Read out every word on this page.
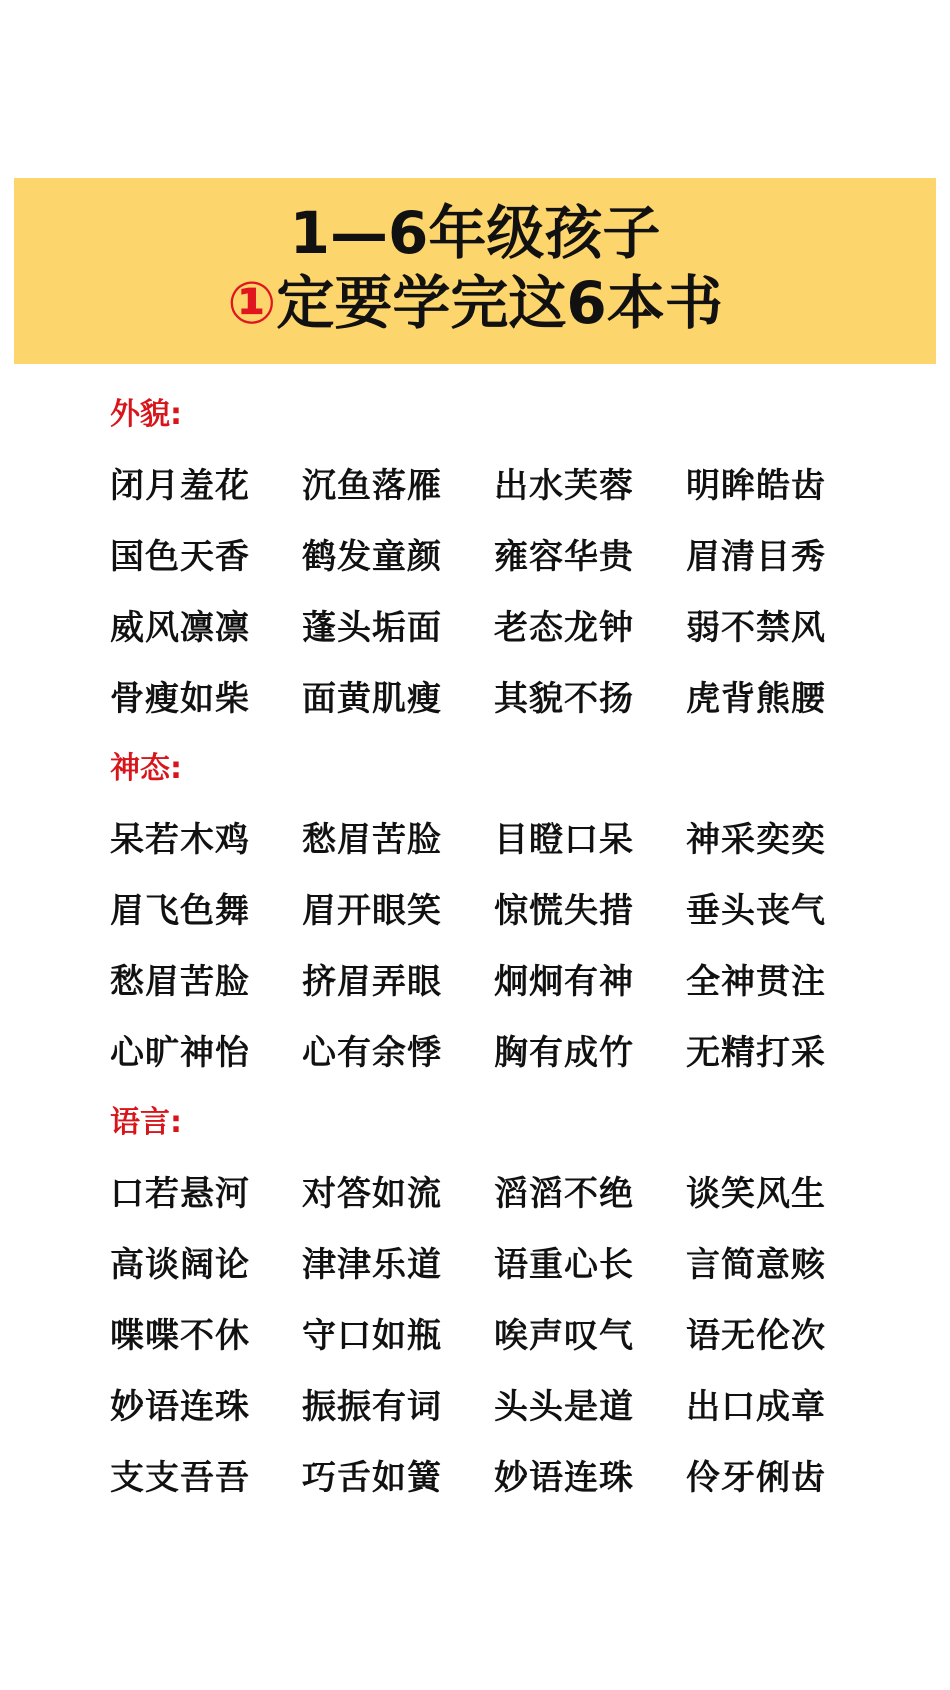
1—6年级孩子
①定要学完这6本书
外貌:
闭月羞花	沉鱼落雁	出水芙蓉	明眸皓齿
国色天香	鹤发童颜	雍容华贵	眉清目秀
威风凛凛	蓬头垢面	老态龙钟	弱不禁风
骨瘦如柴	面黄肌瘦	其貌不扬	虎背熊腰
神态:
呆若木鸡	愁眉苦脸	目瞪口呆	神采奕奕
眉飞色舞	眉开眼笑	惊慌失措	垂头丧气
愁眉苦脸	挤眉弄眼	炯炯有神	全神贯注
心旷神怡	心有余悸	胸有成竹	无精打采
语言:
口若悬河	对答如流	滔滔不绝	谈笑风生
高谈阔论	津津乐道	语重心长	言简意赅
喋喋不休	守口如瓶	唉声叹气	语无伦次
妙语连珠	振振有词	头头是道	出口成章
支支吾吾	巧舌如簧	妙语连珠	伶牙俐齿
